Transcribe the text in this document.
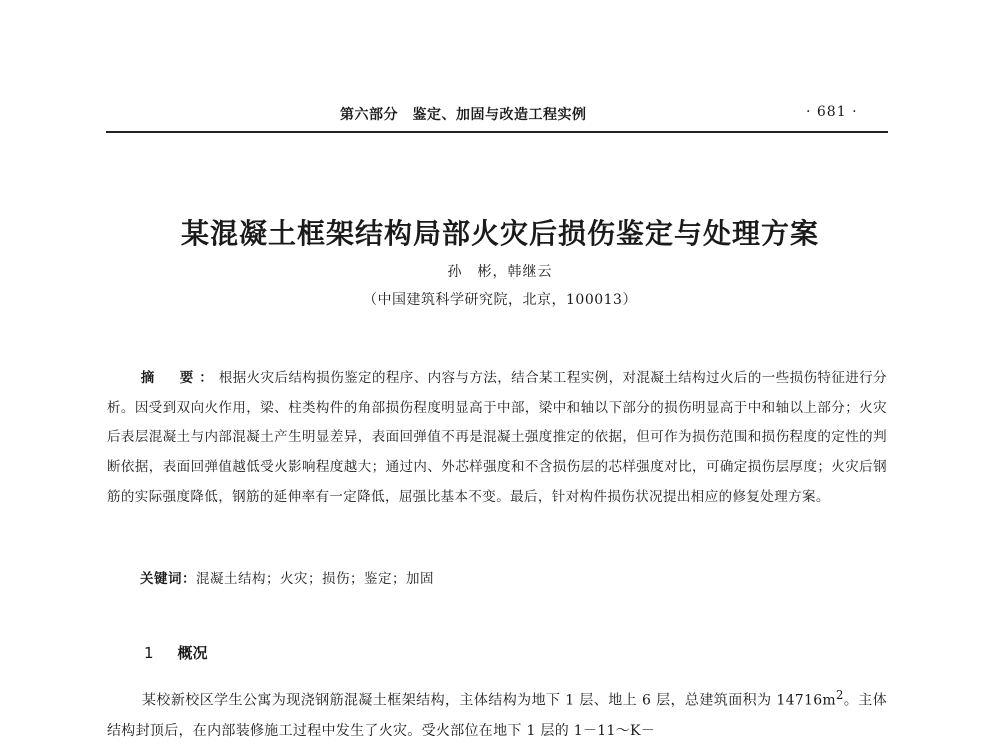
第六部分　鉴定、加固与改造工程实例	· 681 ·
某混凝土框架结构局部火灾后损伤鉴定与处理方案
孙　彬，韩继云
（中国建筑科学研究院，北京，100013）
摘　要：根据火灾后结构损伤鉴定的程序、内容与方法，结合某工程实例，对混凝土结构过火后的一些损伤特征进行分析。因受到双向火作用，梁、柱类构件的角部损伤程度明显高于中部，梁中和轴以下部分的损伤明显高于中和轴以上部分；火灾后表层混凝土与内部混凝土产生明显差异，表面回弹值不再是混凝土强度推定的依据，但可作为损伤范围和损伤程度的定性的判断依据，表面回弹值越低受火影响程度越大；通过内、外芯样强度和不含损伤层的芯样强度对比，可确定损伤层厚度；火灾后钢筋的实际强度降低，钢筋的延伸率有一定降低，屈强比基本不变。最后，针对构件损伤状况提出相应的修复处理方案。
关键词：混凝土结构；火灾；损伤；鉴定；加固
1 概况
某校新校区学生公寓为现浇钢筋混凝土框架结构，主体结构为地下 1 层、地上 6 层，总建筑面积为 $14716m^2$。主体结构封顶后，在内部装修施工过程中发生了火灾。受火部位在地下 1 层的 1－11～K－
